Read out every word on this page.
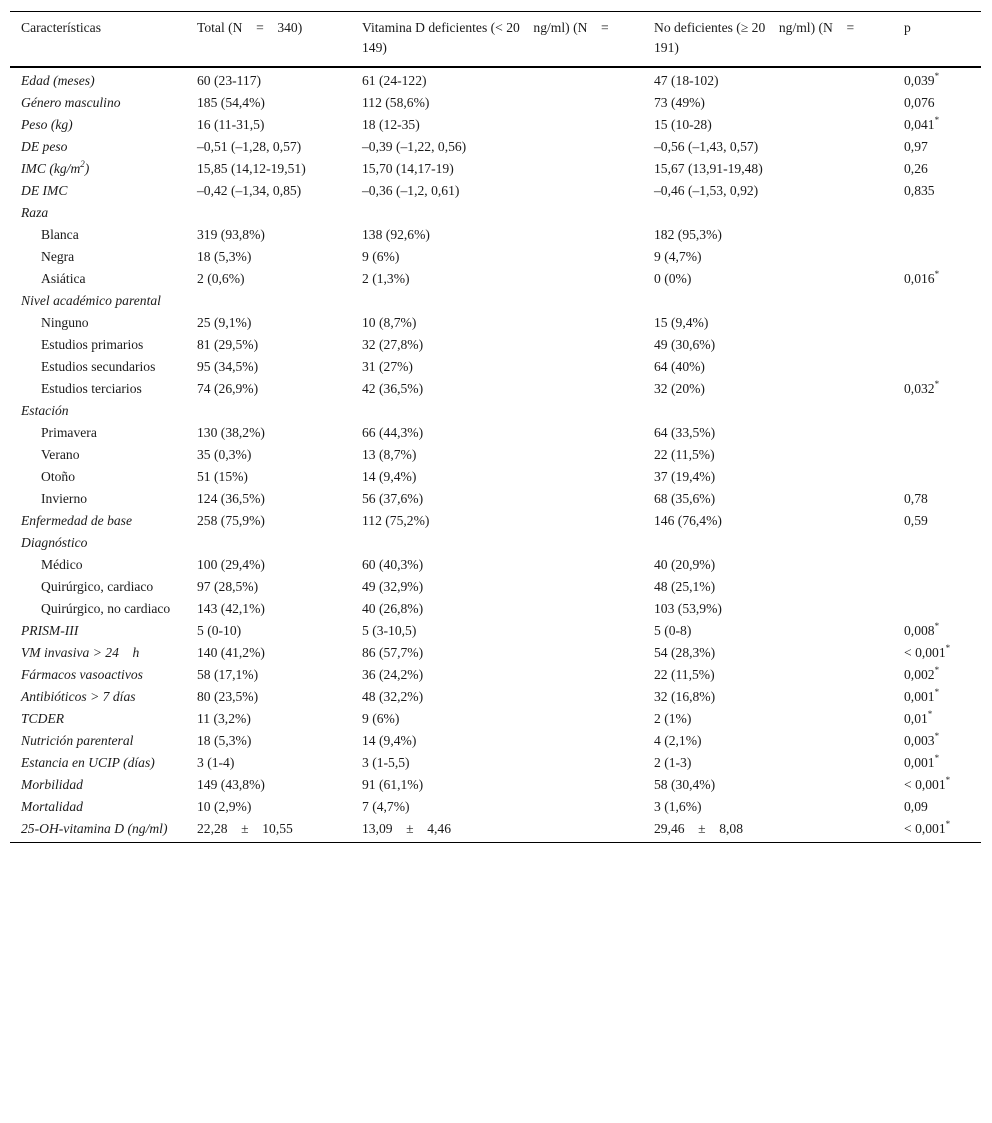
Características	Total (N = 340)	Vitamina D deficientes (< 20 ng/ml) (N = 149)	No deficientes (≥ 20 ng/ml) (N = 191)	p
Edad (meses)	60 (23-117)	61 (24-122)	47 (18-102)	0,039*
Género masculino	185 (54,4%)	112 (58,6%)	73 (49%)	0,076
Peso (kg)	16 (11-31,5)	18 (12-35)	15 (10-28)	0,041*
DE peso	–0,51 (–1,28, 0,57)	–0,39 (–1,22, 0,56)	–0,56 (–1,43, 0,57)	0,97
IMC $(kg/m^2)$	15,85 (14,12-19,51)	15,70 (14,17-19)	15,67 (13,91-19,48)	0,26
DE IMC	–0,42 (–1,34, 0,85)	–0,36 (–1,2, 0,61)	–0,46 (–1,53, 0,92)	0,835
Raza				
Blanca	319 (93,8%)	138 (92,6%)	182 (95,3%)	
Negra	18 (5,3%)	9 (6%)	9 (4,7%)	
Asiática	2 (0,6%)	2 (1,3%)	0 (0%)	0,016*
Nivel académico parental				
Ninguno	25 (9,1%)	10 (8,7%)	15 (9,4%)	
Estudios primarios	81 (29,5%)	32 (27,8%)	49 (30,6%)	
Estudios secundarios	95 (34,5%)	31 (27%)	64 (40%)	
Estudios terciarios	74 (26,9%)	42 (36,5%)	32 (20%)	0,032*
Estación				
Primavera	130 (38,2%)	66 (44,3%)	64 (33,5%)	
Verano	35 (0,3%)	13 (8,7%)	22 (11,5%)	
Otoño	51 (15%)	14 (9,4%)	37 (19,4%)	
Invierno	124 (36,5%)	56 (37,6%)	68 (35,6%)	0,78
Enfermedad de base	258 (75,9%)	112 (75,2%)	146 (76,4%)	0,59
Diagnóstico				
Médico	100 (29,4%)	60 (40,3%)	40 (20,9%)	
Quirúrgico, cardiaco	97 (28,5%)	49 (32,9%)	48 (25,1%)	
Quirúrgico, no cardiaco	143 (42,1%)	40 (26,8%)	103 (53,9%)	
PRISM-III	5 (0-10)	5 (3-10,5)	5 (0-8)	0,008*
VM invasiva > 24 h	140 (41,2%)	86 (57,7%)	54 (28,3%)	< 0,001*
Fármacos vasoactivos	58 (17,1%)	36 (24,2%)	22 (11,5%)	0,002*
Antibióticos > 7 días	80 (23,5%)	48 (32,2%)	32 (16,8%)	0,001*
TCDER	11 (3,2%)	9 (6%)	2 (1%)	0,01*
Nutrición parenteral	18 (5,3%)	14 (9,4%)	4 (2,1%)	0,003*
Estancia en UCIP (días)	3 (1-4)	3 (1-5,5)	2 (1-3)	0,001*
Morbilidad	149 (43,8%)	91 (61,1%)	58 (30,4%)	< 0,001*
Mortalidad	10 (2,9%)	7 (4,7%)	3 (1,6%)	0,09
25-OH-vitamina D (ng/ml)	22,28 ± 10,55	13,09 ± 4,46	29,46 ± 8,08	< 0,001*
